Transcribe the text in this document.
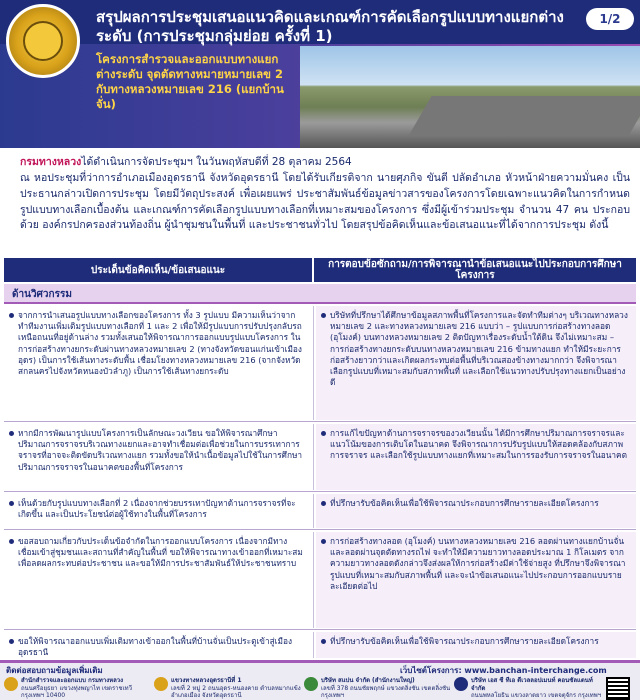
สรุปผลการประชุมเสนอแนวคิดและเกณฑ์การคัดเลือกรูปแบบทางแยกต่างระดับ (การประชุมกลุ่มย่อย ครั้งที่ 1)
1/2
โครงการสำรวจและออกแบบทางแยกต่างระดับ จุดตัดทางหมายหมายเลข 2 กับทางหลวงหมายเลข 216 (แยกบ้านจั่น)
กรมทางหลวงได้ดำเนินการจัดประชุมฯ ในวันพฤหัสบดีที่ 28 ตุลาคม 2564
ณ หอประชุมที่ว่าการอำเภอเมืองอุดรธานี จังหวัดอุดรธานี โดยได้รับเกียรติจาก นายศุภกิจ ขันตี ปลัดอำเภอ หัวหน้าฝ่ายความมั่นคง เป็นประธานกล่าวเปิดการประชุม โดยมีวัตถุประสงค์ เพื่อเผยแพร่ ประชาสัมพันธ์ข้อมูลข่าวสารของโครงการโดยเฉพาะแนวคิดในการกำหนดรูปแบบทางเลือกเบื้องต้น และเกณฑ์การคัดเลือกรูปแบบทางเลือกที่เหมาะสมของโครงการ ซึ่งมีผู้เข้าร่วมประชุม จำนวน 47 คน ประกอบด้วย องค์กรปกครองส่วนท้องถิ่น ผู้นำชุมชนในพื้นที่ และประชาชนทั่วไป โดยสรุปข้อคิดเห็นและข้อเสนอแนะที่ได้จากการประชุม ดังนี้
ประเด็นข้อคิดเห็น/ข้อเสนอแนะ	การตอบข้อซักถาม/การพิจารณานำข้อเสนอแนะไปประกอบการศึกษาโครงการ
ด้านวิศวกรรม
จากการนำเสนอรูปแบบทางเลือกของโครงการ ทั้ง 3 รูปแบบ มีความเห็นว่าจากทำทีมงานเพิ่มเติมรูปแบบทางเลือกที่ 1 และ 2 เพื่อให้มีรูปแบบการปรับปรุงกลับรถเหนือถนนที่อยู่ด้านล่าง รวมทั้งเสนอให้พิจารณาการออกแบบรูปแบบโครงการ ในการก่อสร้างทางยกระดับผ่านทางหลวงหมายเลข 2 (ทางจังหวัดขอนแก่นเข้าเมืองอุดร) เป็นการใช้เส้นทางระดับพื้น เชื่อมโยงทางหลวงหมายเลข 216 (จากจังหวัดสกลนครไปจังหวัดหนองบัวลำภู) เป็นการใช้เส้นทางยกระดับ
บริษัทที่ปรึกษาได้ศึกษาข้อมูลสภาพพื้นที่โครงการและจัดทำทีมต่างๆ บริเวณทางหลวงหมายเลข 2 และทางหลวงหมายเลข 216 แบบว่า – รูปแบบการก่อสร้างทางลอด (อุโมงค์) บนทางหลวงหมายเลข 2 ติดปัญหาเรื่องระดับน้ำใต้ดิน จึงไม่เหมาะสม – การก่อสร้างทางยกระดับบนทางหลวงหมายเลข 216 ข้ามทางแยก ทำให้มีระยะการก่อสร้างยาวกว่าและเกิดผลกระทบต่อพื้นที่บริเวณสองข้างทางมากกว่า จึงพิจารณาเลือกรูปแบบที่เหมาะสมกับสภาพพื้นที่ และเลือกใช้แนวทางปรับปรุงทางแยกเป็นอย่างดี
หากมีการพัฒนารูปแบบโครงการเป็นลักษณะวงเวียน ขอให้พิจารณาศึกษาปริมาณการจราจรบริเวณทางแยกและอาจทำเชื่อมต่อเพื่อช่วยในการบรรเทาการจราจรที่อาจจะติดขัดบริเวณทางแยก รวมทั้งขอให้นำเนื้อข้อมูลไปใช้ในการศึกษาปริมาณการจราจรในอนาคตของพื้นที่โครงการ
การแก้ไขปัญหาด้านการจราจรของวงเวียนนั้น ได้มีการศึกษาปริมาณการจราจรและแนวโน้มของการเติบโตในอนาคต จึงพิจารณาการปรับรูปแบบให้สอดคล้องกับสภาพการจราจร และเลือกใช้รูปแบบทางแยกที่เหมาะสมในการรองรับการจราจรในอนาคต
เห็นด้วยกับรูปแบบทางเลือกที่ 2 เนื่องจากช่วยบรรเทาปัญหาด้านการจราจรที่จะเกิดขึ้น และเป็นประโยชน์ต่อผู้ใช้ทางในพื้นที่โครงการ
ที่ปรึกษารับข้อคิดเห็นเพื่อใช้พิจารณาประกอบการศึกษารายละเอียดโครงการ
ขอสอบถามเกี่ยวกับประเด็นข้อจำกัดในการออกแบบโครงการ เนื่องจากมีทางเชื่อมเข้าสู่ชุมชนและสถานที่สำคัญในพื้นที่ ขอให้พิจารณาทางเข้าออกที่เหมาะสมเพื่อลดผลกระทบต่อประชาชน และขอให้มีการประชาสัมพันธ์ให้ประชาชนทราบ
การก่อสร้างทางลอด (อุโมงค์) บนทางหลวงหมายเลข 216 ลอดผ่านทางแยกบ้านจั่น และลอดผ่านจุดตัดทางรถไฟ จะทำให้มีความยาวทางลอดประมาณ 1 กิโลเมตร จากความยาวทางลอดดังกล่าวจึงส่งผลให้การก่อสร้างมีค่าใช้จ่ายสูง ที่ปรึกษาจึงพิจารณารูปแบบที่เหมาะสมกับสภาพพื้นที่ และจะนำข้อเสนอแนะไปประกอบการออกแบบรายละเอียดต่อไป
ขอให้พิจารณาออกแบบเพิ่มเติมทางเข้าออกในพื้นที่บ้านจั่นเป็นประตูเข้าสู่เมืองอุดรธานี
ที่ปรึกษารับข้อคิดเห็นเพื่อใช้พิจารณาประกอบการศึกษารายละเอียดโครงการ
ติดต่อสอบถามข้อมูลเพิ่มเติม	เว็บไซต์โครงการ: www.banchan-interchange.com
สำนักสำรวจและออกแบบ กรมทางหลวง
ถนนศรีอยุธยา แขวงทุ่งพญาไท เขตราชเทวี กรุงเทพฯ 10400
แขวงทางหลวงอุดรธานีที่ 1
เลขที่ 2 หมู่ 2 ถนนอุดร-หนองคาย ตำบลหมากแข้ง อำเภอเมือง จังหวัดอุดรธานี
บริษัท สแปน จำกัด (สำนักงานใหญ่)
เลขที่ 378 ถนนชัยพฤกษ์ แขวงตลิ่งชัน เขตตลิ่งชัน กรุงเทพฯ
บริษัท เอส ซี ทีเอ ดีเวลลอปเมนท์ คอนซัลแตนท์ จำกัด
ถนนพหลโยธิน แขวงลาดยาว เขตจตุจักร กรุงเทพฯ
